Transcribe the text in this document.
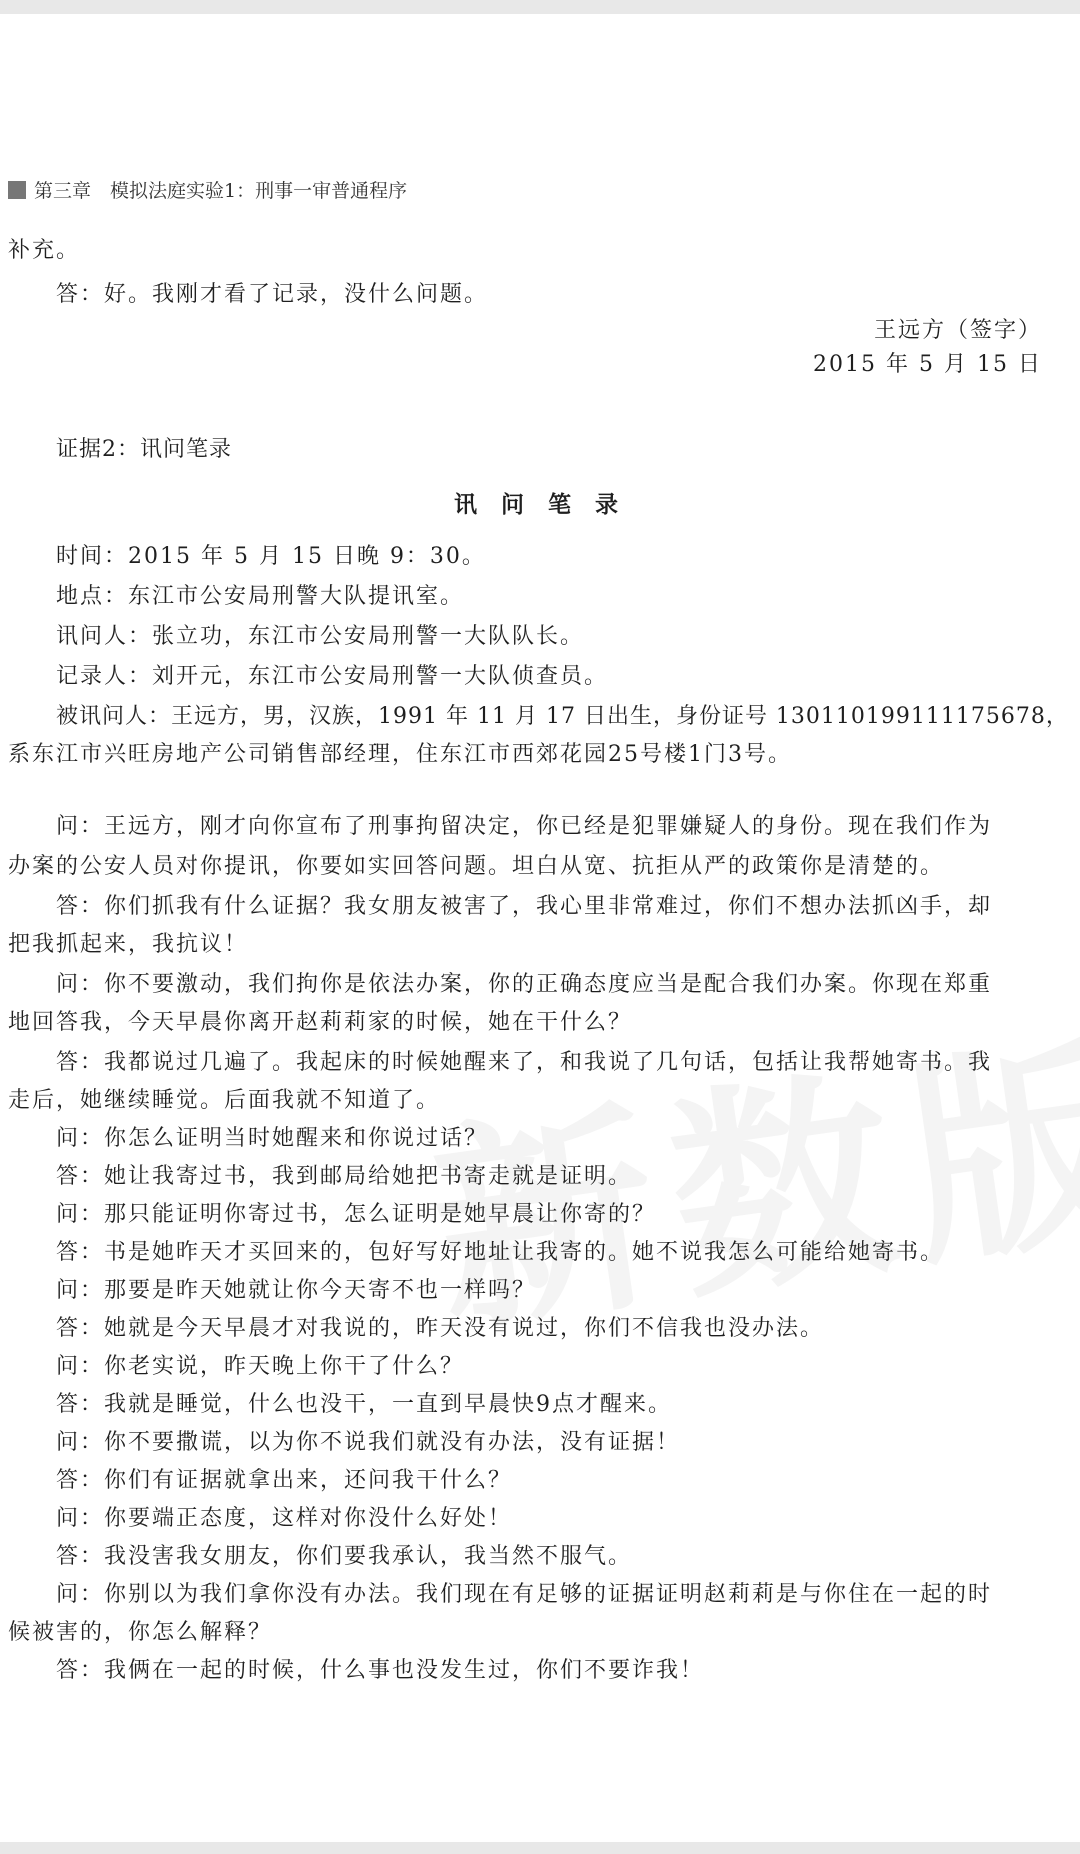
第三章　模拟法庭实验1：刑事一审普通程序
补充。
答：好。我刚才看了记录，没什么问题。
王远方（签字）
2015 年 5 月 15 日
证据2：讯问笔录
讯 问 笔 录
时间：2015 年 5 月 15 日晚 9：30。
地点：东江市公安局刑警大队提讯室。
讯问人：张立功，东江市公安局刑警一大队队长。
记录人：刘开元，东江市公安局刑警一大队侦查员。
被讯问人：王远方，男，汉族，1991 年 11 月 17 日出生，身份证号 130110199111175678，
系东江市兴旺房地产公司销售部经理，住东江市西郊花园25号楼1门3号。
问：王远方，刚才向你宣布了刑事拘留决定，你已经是犯罪嫌疑人的身份。现在我们作为
办案的公安人员对你提讯，你要如实回答问题。坦白从宽、抗拒从严的政策你是清楚的。
答：你们抓我有什么证据？我女朋友被害了，我心里非常难过，你们不想办法抓凶手，却
把我抓起来，我抗议！
问：你不要激动，我们拘你是依法办案，你的正确态度应当是配合我们办案。你现在郑重
地回答我，今天早晨你离开赵莉莉家的时候，她在干什么？
答：我都说过几遍了。我起床的时候她醒来了，和我说了几句话，包括让我帮她寄书。我
走后，她继续睡觉。后面我就不知道了。
问：你怎么证明当时她醒来和你说过话？
答：她让我寄过书，我到邮局给她把书寄走就是证明。
问：那只能证明你寄过书，怎么证明是她早晨让你寄的？
答：书是她昨天才买回来的，包好写好地址让我寄的。她不说我怎么可能给她寄书。
问：那要是昨天她就让你今天寄不也一样吗？
答：她就是今天早晨才对我说的，昨天没有说过，你们不信我也没办法。
问：你老实说，昨天晚上你干了什么？
答：我就是睡觉，什么也没干，一直到早晨快9点才醒来。
问：你不要撒谎，以为你不说我们就没有办法，没有证据！
答：你们有证据就拿出来，还问我干什么？
问：你要端正态度，这样对你没什么好处！
答：我没害我女朋友，你们要我承认，我当然不服气。
问：你别以为我们拿你没有办法。我们现在有足够的证据证明赵莉莉是与你住在一起的时
候被害的，你怎么解释？
答：我俩在一起的时候，什么事也没发生过，你们不要诈我！
